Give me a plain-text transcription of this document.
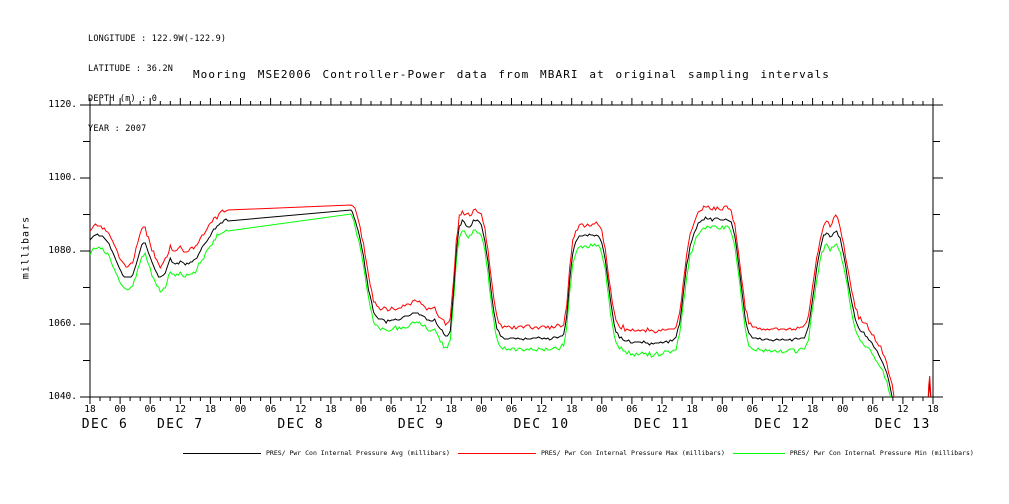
LONGITUDE : 122.9W(-122.9)

LATITUDE : 36.2N

DEPTH (m) : 0

YEAR : 2007

Mooring MSE2006 Controller-Power data from MBARI at original sampling intervals
millibars
1120.
1100.
1080.
1060.
1040.
18	00	06	12	18	00	06	12	18	00	06	12	18	00	06	12	18	00	06	12	18	00	06	12	18	00	06	12	18
DEC 6	DEC 7	DEC 8	DEC 9	DEC 10	DEC 11	DEC 12	DEC 13
PRES/ Pwr Con Internal Pressure Avg (millibars)	PRES/ Pwr Con Internal Pressure Max (millibars)	PRES/ Pwr Con Internal Pressure Min (millibars)
